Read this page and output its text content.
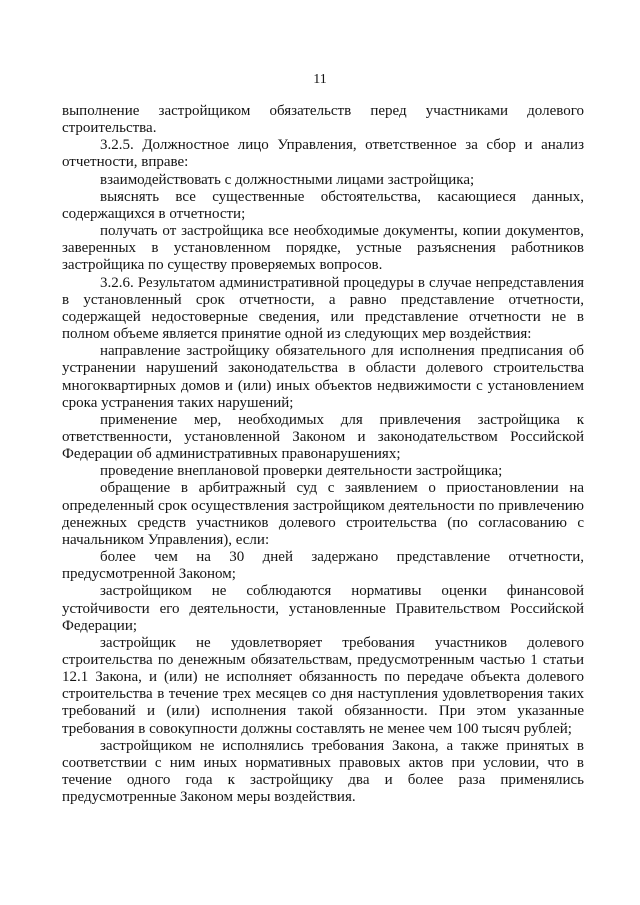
11

выполнение застройщиком обязательств перед участниками долевого строительства.

3.2.5. Должностное лицо Управления, ответственное за сбор и анализ отчетности, вправе:

взаимодействовать с должностными лицами застройщика;

выяснять все существенные обстоятельства, касающиеся данных, содержащихся в отчетности;

получать от застройщика все необходимые документы, копии документов, заверенных в установленном порядке, устные разъяснения работников застройщика по существу проверяемых вопросов.

3.2.6. Результатом административной процедуры в случае непредставления в установленный срок отчетности, а равно представление отчетности, содержащей недостоверные сведения, или представление отчетности не в полном объеме является принятие одной из следующих мер воздействия:

направление застройщику обязательного для исполнения предписания об устранении нарушений законодательства в области долевого строительства многоквартирных домов и (или) иных объектов недвижимости с установлением срока устранения таких нарушений;

применение мер, необходимых для привлечения застройщика к ответственности, установленной Законом и законодательством Российской Федерации об административных правонарушениях;

проведение внеплановой проверки деятельности застройщика;

обращение в арбитражный суд с заявлением о приостановлении на определенный срок осуществления застройщиком деятельности по привлечению денежных средств участников долевого строительства (по согласованию с начальником Управления), если:

более чем на 30 дней задержано представление отчетности, предусмотренной Законом;

застройщиком не соблюдаются нормативы оценки финансовой устойчивости его деятельности, установленные Правительством Российской Федерации;

застройщик не удовлетворяет требования участников долевого строительства по денежным обязательствам, предусмотренным частью 1 статьи 12.1 Закона, и (или) не исполняет обязанность по передаче объекта долевого строительства в течение трех месяцев со дня наступления удовлетворения таких требований и (или) исполнения такой обязанности. При этом указанные требования в совокупности должны составлять не менее чем 100 тысяч рублей;

застройщиком не исполнялись требования Закона, а также принятых в соответствии с ним иных нормативных правовых актов при условии, что в течение одного года к застройщику два и более раза применялись предусмотренные Законом меры воздействия.
